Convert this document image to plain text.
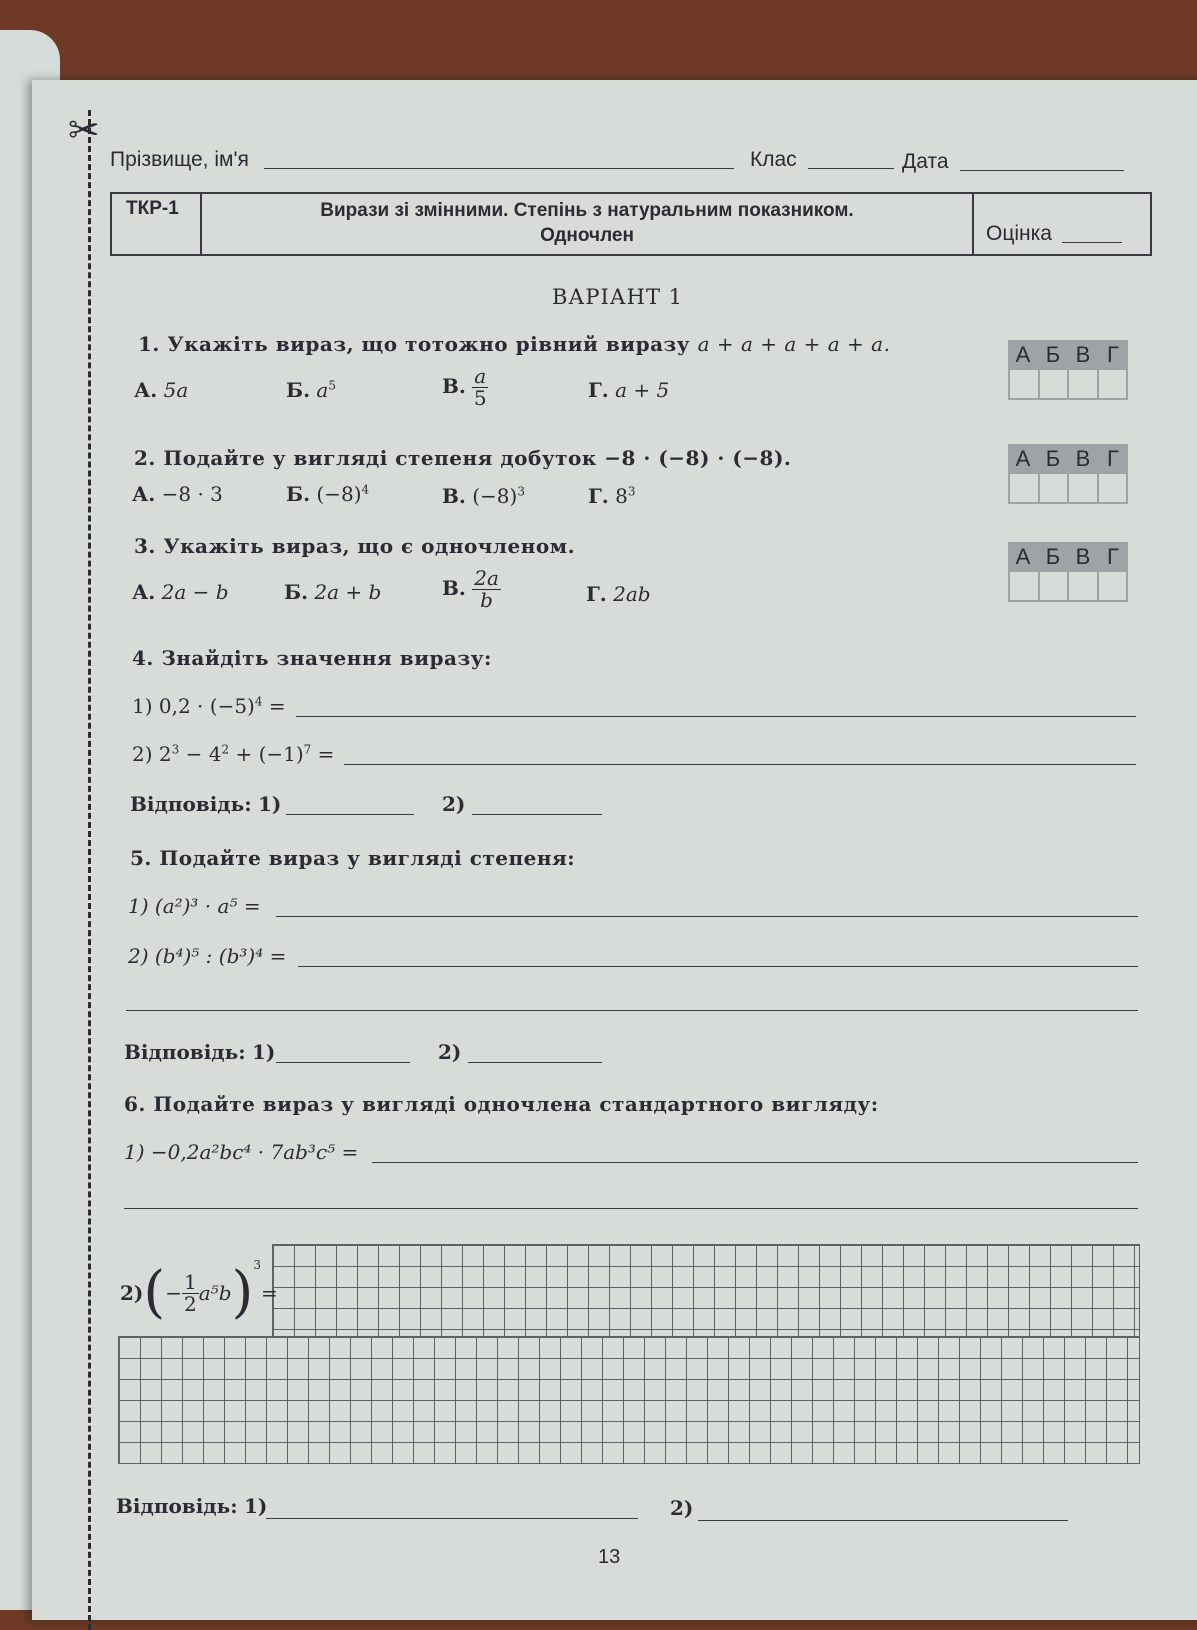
✂
Прізвище, ім'я	Клас	Дата
ТКР-1	Вирази зі змінними. Степінь з натуральним показником.
Одночлен	Оцінка
ВАРІАНТ 1
1. Укажіть вираз, що тотожно рівний виразу a + a + a + a + a.
А. 5a	Б. $a^5$	В. $\frac{a}{5}$	Г. a + 5
А Б В Г
2. Подайте у вигляді степеня добуток −8 · (−8) · (−8).
А. −8 · 3	Б. $(-8)^4$	В. $(-8)^3$	Г. $8^3$
А Б В Г
3. Укажіть вираз, що є одночленом.
А. 2a − b	Б. 2a + b	В. $\frac{2a}{b}$	Г. 2ab
А Б В Г
4. Знайдіть значення виразу:
1) $0,2 \cdot (-5)^4$ =
2) $2^3 - 4^2 + (-1)^7$ =
Відповідь: 1)	2)
5. Подайте вираз у вигляді степеня:
1) (a²)³ · a⁵ =
2) (b⁴)⁵ : (b³)⁴ =
Відповідь: 1)	2)
6. Подайте вираз у вигляді одночлена стандартного вигляду:
1) −0,2a²bc⁴ · 7ab³c⁵ =
2) ( − $\frac{1}{2} a^5b$ )$^3$
=
Відповідь: 1)	2)
13
